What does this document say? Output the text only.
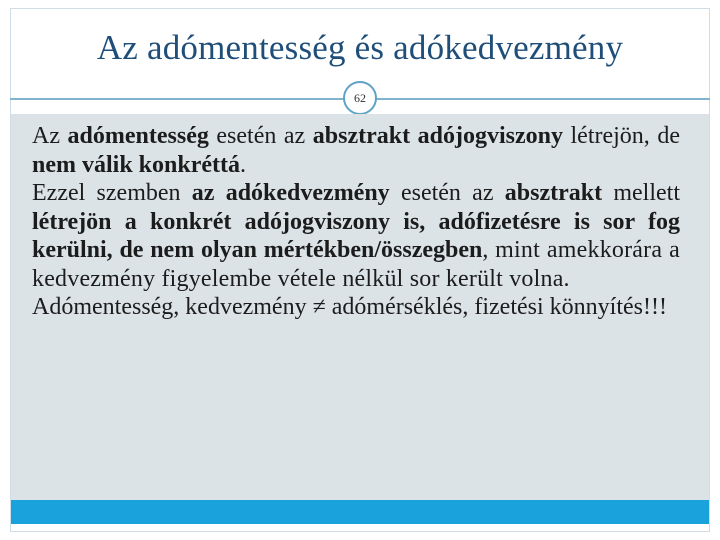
Az adómentesség és adókedvezmény
62

Az adómentesség esetén az absztrakt adójogviszony létrejön, de nem válik konkréttá.

Ezzel szemben az adókedvezmény esetén az absztrakt mellett létrejön a konkrét adójogviszony is, adófizetésre is sor fog kerülni, de nem olyan mértékben/összegben, mint amekkorára a kedvezmény figyelembe vétele nélkül sor került volna.

Adómentesség, kedvezmény ≠ adómérséklés, fizetési könnyítés!!!
